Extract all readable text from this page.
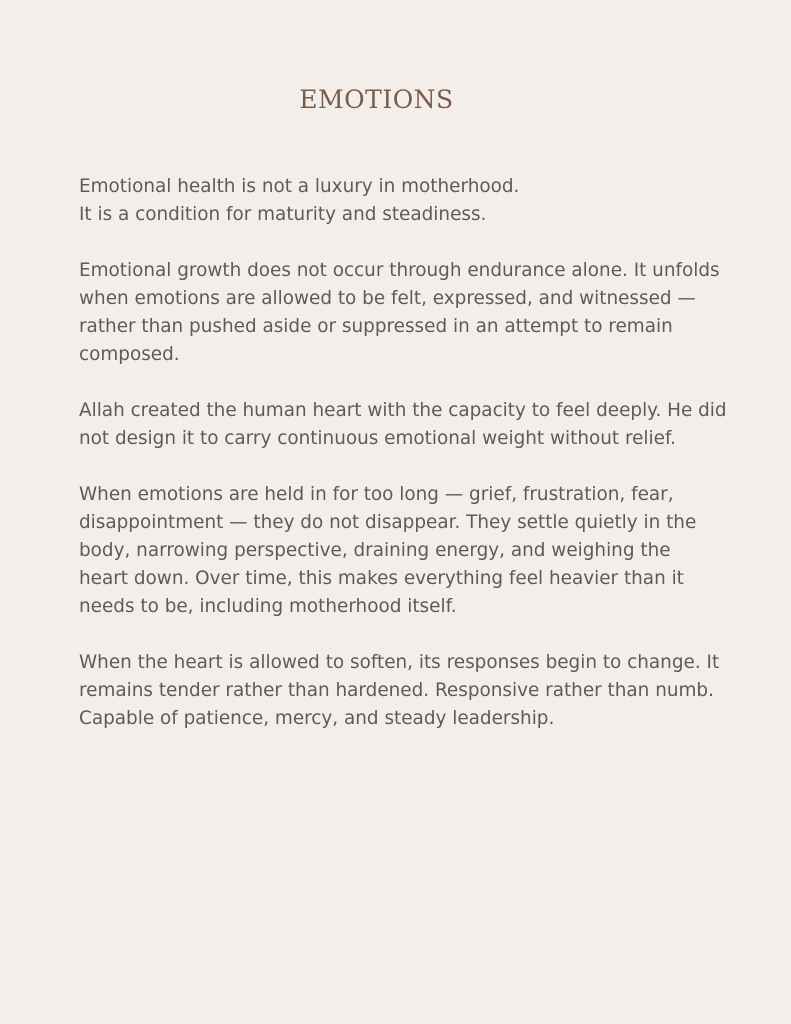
EMOTIONS

Emotional health is not a luxury in motherhood.
It is a condition for maturity and steadiness.

Emotional growth does not occur through endurance alone. It unfolds
when emotions are allowed to be felt, expressed, and witnessed —
rather than pushed aside or suppressed in an attempt to remain
composed.

Allah created the human heart with the capacity to feel deeply. He did
not design it to carry continuous emotional weight without relief.

When emotions are held in for too long — grief, frustration, fear,
disappointment — they do not disappear. They settle quietly in the
body, narrowing perspective, draining energy, and weighing the
heart down. Over time, this makes everything feel heavier than it
needs to be, including motherhood itself.

When the heart is allowed to soften, its responses begin to change. It
remains tender rather than hardened. Responsive rather than numb.
Capable of patience, mercy, and steady leadership.
